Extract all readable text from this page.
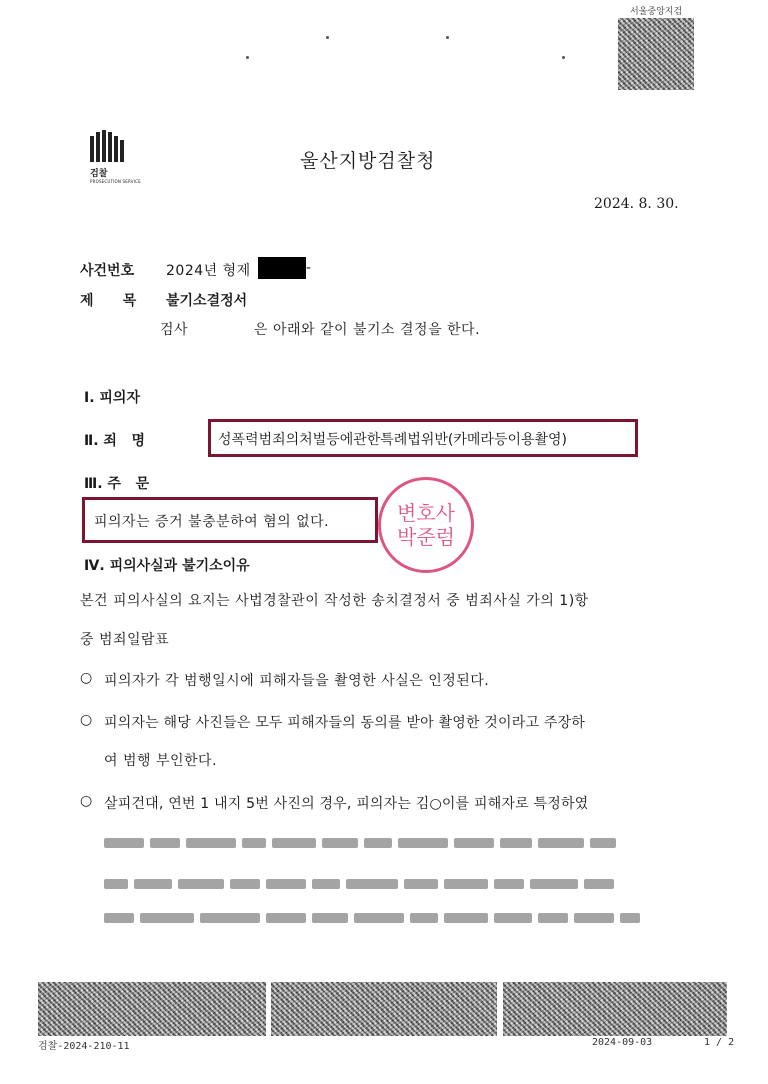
서울중앙지검
검찰
PROSECUTION SERVICE
울산지방검찰청
2024. 8. 30.
사건번호 2024년 형제	-
제      목 불기소결정서
검사	은 아래와 같이 불기소 결정을 한다.
Ⅰ. 피의자
Ⅱ. 죄   명	성폭력범죄의처벌등에관한특례법위반(카메라등이용촬영)
Ⅲ. 주   문
피의자는 증거 불충분하여 혐의 없다.	변호사
박준럼
Ⅳ. 피의사실과 불기소이유
본건 피의사실의 요지는 사법경찰관이 작성한 송치결정서 중 범죄사실 가의 1)항
중 범죄일람표
○ 피의자가 각 범행일시에 피해자들을 촬영한 사실은 인정된다.
○ 피의자는 해당 사진들은 모두 피해자들의 동의를 받아 촬영한 것이라고 주장하
여 범행 부인한다.
○ 살피건대, 연번 1 내지 5번 사진의 경우, 피의자는 김○이를 피해자로 특정하였
검찰-2024-210-11	2024-09-03	1 / 2
